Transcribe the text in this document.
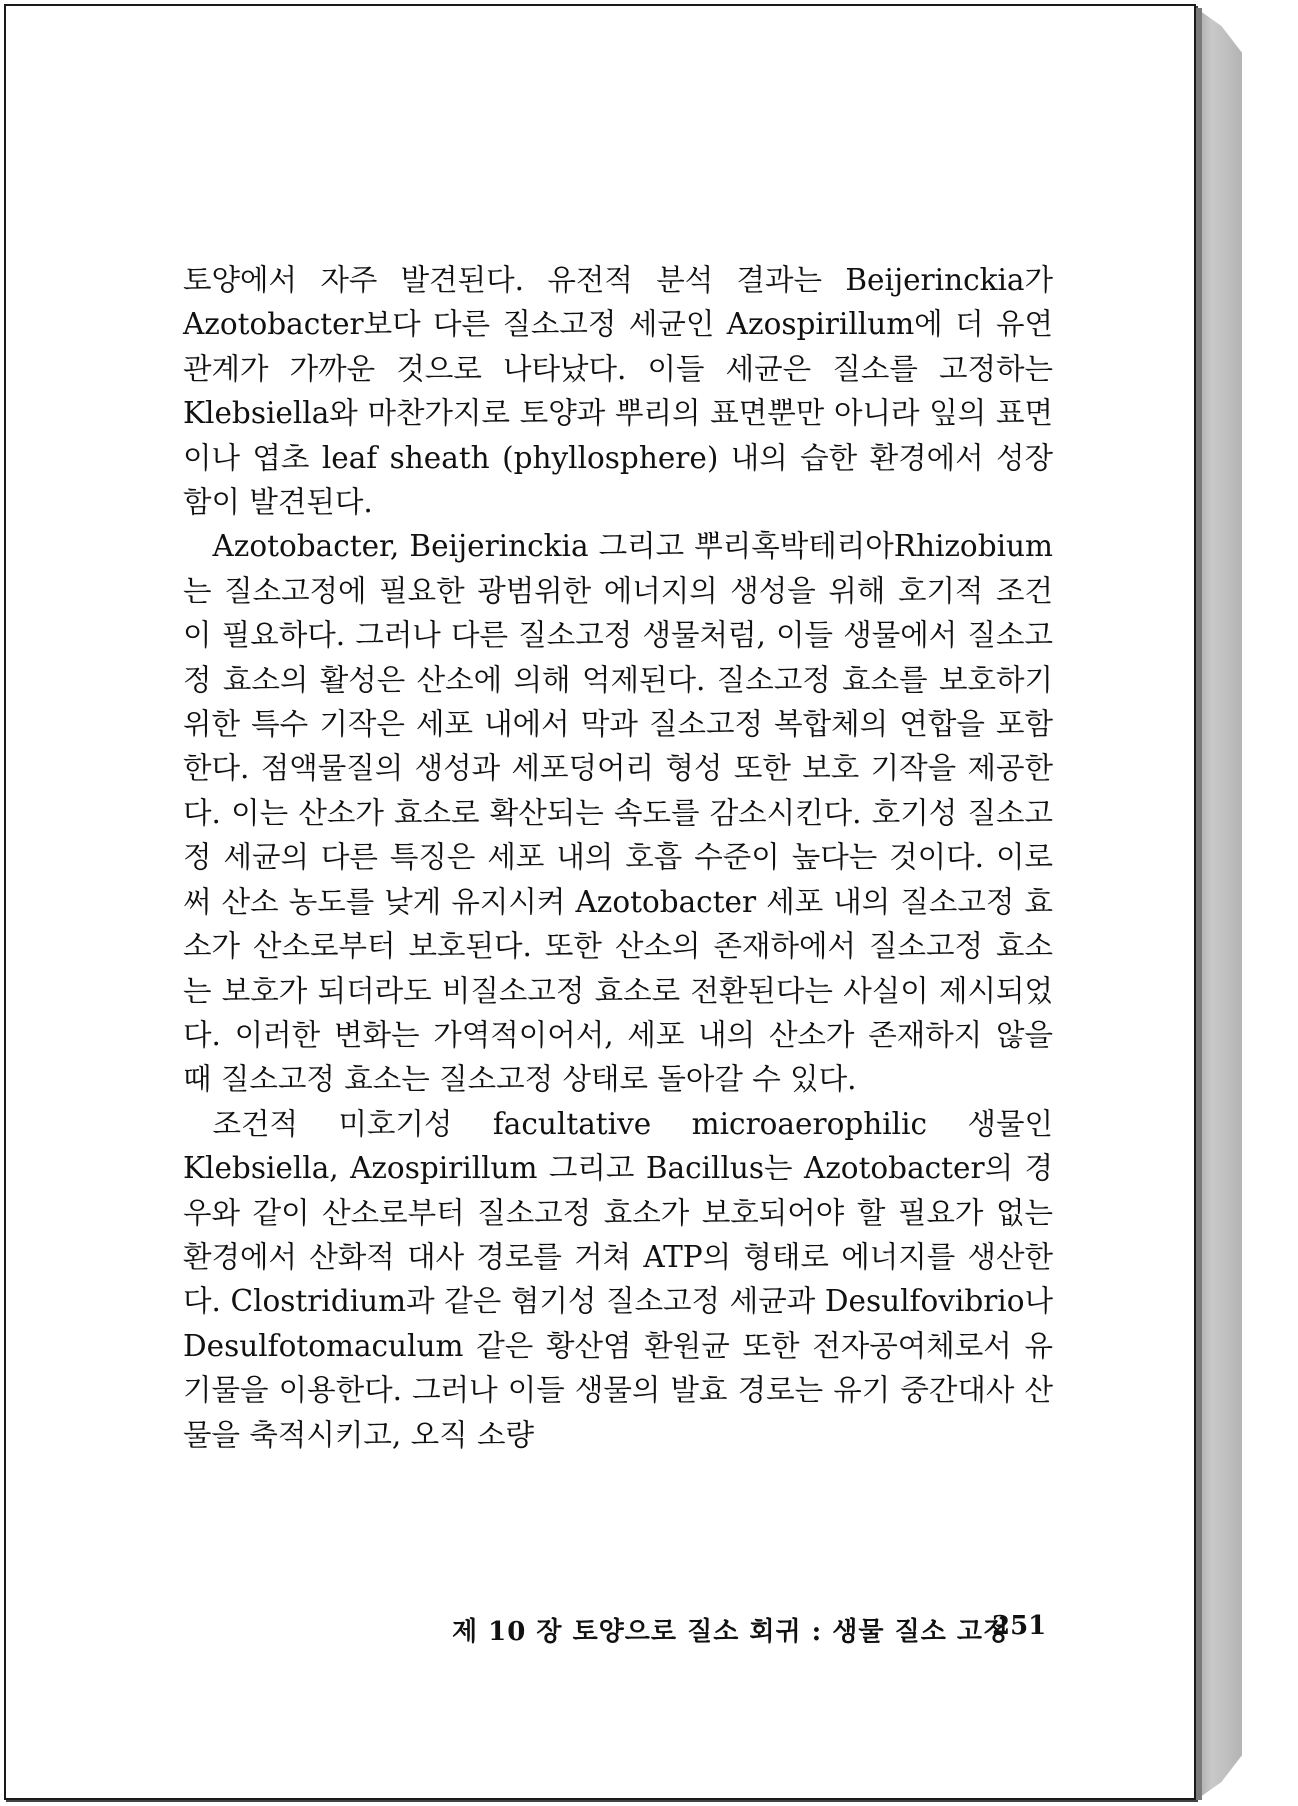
토양에서 자주 발견된다. 유전적 분석 결과는 Beijerinckia가 Azotobacter보다 다른 질소고정 세균인 Azospirillum에 더 유연 관계가 가까운 것으로 나타났다. 이들 세균은 질소를 고정하는 Klebsiella와 마찬가지로 토양과 뿌리의 표면뿐만 아니라 잎의 표면이나 엽초 leaf sheath (phyllosphere) 내의 습한 환경에서 성장함이 발견된다.

Azotobacter, Beijerinckia 그리고 뿌리혹박테리아Rhizobium는 질소고정에 필요한 광범위한 에너지의 생성을 위해 호기적 조건이 필요하다. 그러나 다른 질소고정 생물처럼, 이들 생물에서 질소고정 효소의 활성은 산소에 의해 억제된다. 질소고정 효소를 보호하기 위한 특수 기작은 세포 내에서 막과 질소고정 복합체의 연합을 포함한다. 점액물질의 생성과 세포덩어리 형성 또한 보호 기작을 제공한다. 이는 산소가 효소로 확산되는 속도를 감소시킨다. 호기성 질소고정 세균의 다른 특징은 세포 내의 호흡 수준이 높다는 것이다. 이로써 산소 농도를 낮게 유지시켜 Azotobacter 세포 내의 질소고정 효소가 산소로부터 보호된다. 또한 산소의 존재하에서 질소고정 효소는 보호가 되더라도 비질소고정 효소로 전환된다는 사실이 제시되었다. 이러한 변화는 가역적이어서, 세포 내의 산소가 존재하지 않을 때 질소고정 효소는 질소고정 상태로 돌아갈 수 있다.

조건적 미호기성 facultative microaerophilic 생물인 Klebsiella, Azospirillum 그리고 Bacillus는 Azotobacter의 경우와 같이 산소로부터 질소고정 효소가 보호되어야 할 필요가 없는 환경에서 산화적 대사 경로를 거쳐 ATP의 형태로 에너지를 생산한다. Clostridium과 같은 혐기성 질소고정 세균과 Desulfovibrio나 Desulfotomaculum 같은 황산염 환원균 또한 전자공여체로서 유기물을 이용한다. 그러나 이들 생물의 발효 경로는 유기 중간대사 산물을 축적시키고, 오직 소량

제 10 장 토양으로 질소 회귀 : 생물 질소 고정
251
